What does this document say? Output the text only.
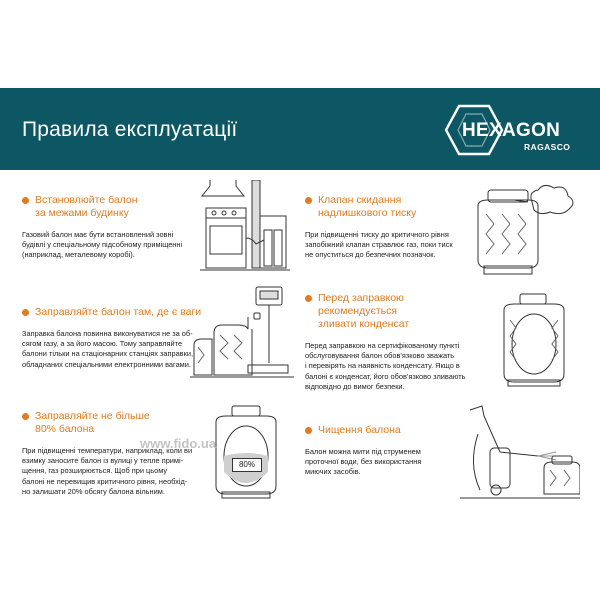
Правила експлуатації	HEXAGON
RAGASCO
Встановлюйте балон
за межами будинку
Газовий балон має бути встановлений зовні
будівлі у спеціальному підсобному приміщенні
(наприклад, металевому коробі).
Клапан скидання
надлишкового тиску
При підвищенні тиску до критичного рівня
запобіжний клапан стравлює газ, поки тиск
не опуститься до безпечних позначок.
Заправляйте балон там, де є ваги
Заправка балона повинна виконуватися не за об-
сягом газу, а за його масою. Тому заправляйте
балони тільки на стаціонарних станціях заправки,
обладнаних спеціальними електронними вагами.
Перед заправкою рекомендується
зливати конденсат
Перед заправкою на сертифікованому пункті
обслуговування балон обов'язково зважать
і перевірять на наявність конденсату. Якщо в
балоні є конденсат, його обов'язково зливають
відповідно до вимог безпеки.
Заправляйте не більше
80% балона
При підвищенні температури, наприклад, коли ви
взимку заносите балон із вулиці у тепле примі-
щення, газ розширюється. Щоб при цьому
балоні не перевищив критичного рівня, необхід-
но залишати 20% обсягу балона вільним.
Чищення балона
Балон можна мити під струменем
проточної води, без використання
миючих засобів.
80%
www.fido.ua
